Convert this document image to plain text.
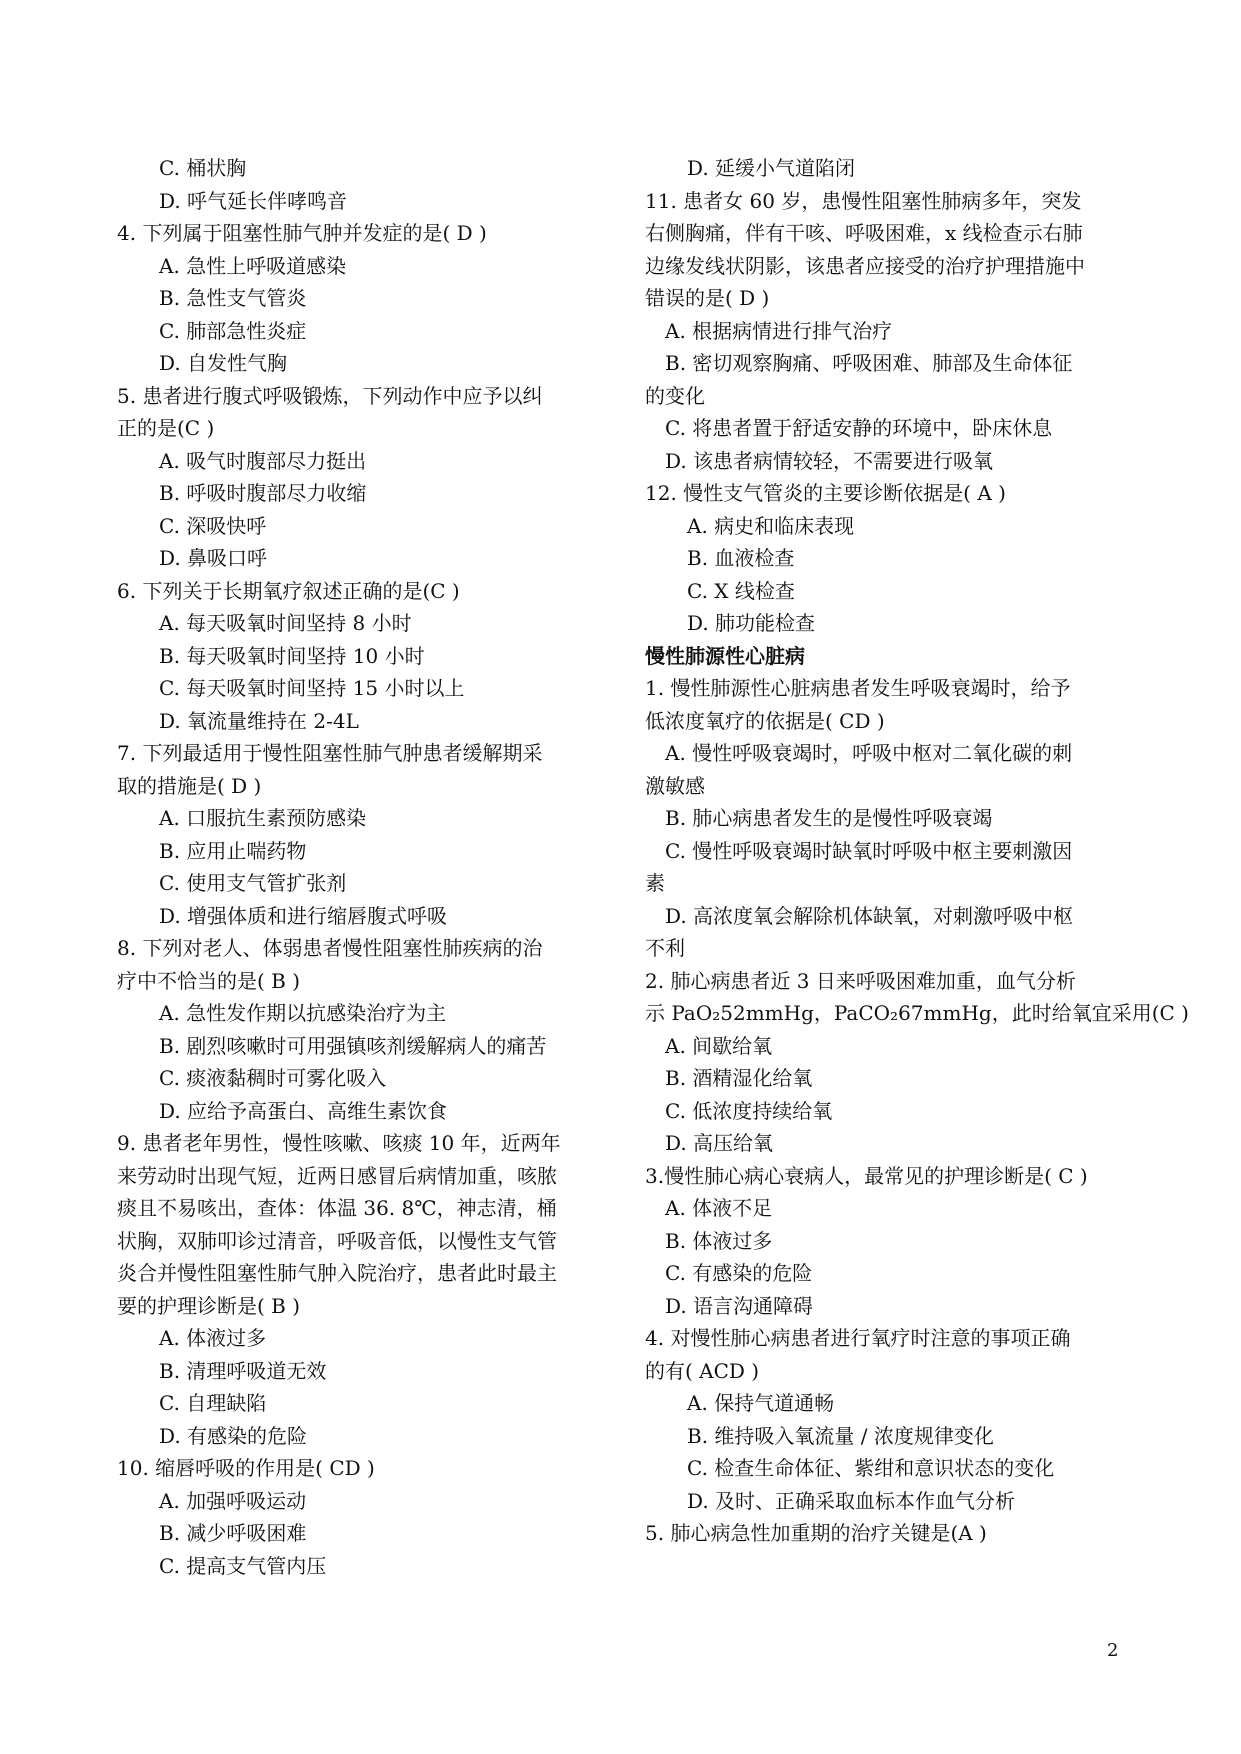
C. 桶状胸
D. 呼气延长伴哮鸣音
4. 下列属于阻塞性肺气肿并发症的是( D )
A. 急性上呼吸道感染
B. 急性支气管炎
C. 肺部急性炎症
D. 自发性气胸
5. 患者进行腹式呼吸锻炼，下列动作中应予以纠
正的是(C )
A. 吸气时腹部尽力挺出
B. 呼吸时腹部尽力收缩
C. 深吸快呼
D. 鼻吸口呼
6. 下列关于长期氧疗叙述正确的是(C )
A. 每天吸氧时间坚持 8 小时
B. 每天吸氧时间坚持 10 小时
C. 每天吸氧时间坚持 15 小时以上
D. 氧流量维持在 2-4L
7. 下列最适用于慢性阻塞性肺气肿患者缓解期采
取的措施是( D )
A. 口服抗生素预防感染
B. 应用止喘药物
C. 使用支气管扩张剂
D. 增强体质和进行缩唇腹式呼吸
8. 下列对老人、体弱患者慢性阻塞性肺疾病的治
疗中不恰当的是( B )
A. 急性发作期以抗感染治疗为主
B. 剧烈咳嗽时可用强镇咳剂缓解病人的痛苦
C. 痰液黏稠时可雾化吸入
D. 应给予高蛋白、高维生素饮食
9. 患者老年男性，慢性咳嗽、咳痰 10 年，近两年
来劳动时出现气短，近两日感冒后病情加重，咳脓
痰且不易咳出，查体：体温 36. 8℃，神志清，桶
状胸，双肺叩诊过清音，呼吸音低，以慢性支气管
炎合并慢性阻塞性肺气肿入院治疗，患者此时最主
要的护理诊断是( B )
A. 体液过多
B. 清理呼吸道无效
C. 自理缺陷
D. 有感染的危险
10. 缩唇呼吸的作用是( CD )
A. 加强呼吸运动
B. 减少呼吸困难
C. 提高支气管内压
D. 延缓小气道陷闭
11. 患者女 60 岁，患慢性阻塞性肺病多年，突发
右侧胸痛，伴有干咳、呼吸困难，x 线检查示右肺
边缘发线状阴影，该患者应接受的治疗护理措施中
错误的是( D )
A. 根据病情进行排气治疗
B. 密切观察胸痛、呼吸困难、肺部及生命体征
的变化
C. 将患者置于舒适安静的环境中，卧床休息
D. 该患者病情较轻，不需要进行吸氧
12. 慢性支气管炎的主要诊断依据是( A )
A. 病史和临床表现
B. 血液检查
C. X 线检查
D. 肺功能检查
慢性肺源性心脏病
1. 慢性肺源性心脏病患者发生呼吸衰竭时，给予
低浓度氧疗的依据是( CD )
A. 慢性呼吸衰竭时，呼吸中枢对二氧化碳的刺
激敏感
B. 肺心病患者发生的是慢性呼吸衰竭
C. 慢性呼吸衰竭时缺氧时呼吸中枢主要刺激因
素
D. 高浓度氧会解除机体缺氧，对刺激呼吸中枢
不利
2. 肺心病患者近 3 日来呼吸困难加重，血气分析
示 PaO₂52mmHg，PaCO₂67mmHg，此时给氧宜采用(C )
A. 间歇给氧
B. 酒精湿化给氧
C. 低浓度持续给氧
D. 高压给氧
3.慢性肺心病心衰病人，最常见的护理诊断是( C )
A. 体液不足
B. 体液过多
C. 有感染的危险
D. 语言沟通障碍
4. 对慢性肺心病患者进行氧疗时注意的事项正确
的有( ACD )
A. 保持气道通畅
B. 维持吸入氧流量 / 浓度规律变化
C. 检查生命体征、紫绀和意识状态的变化
D. 及时、正确采取血标本作血气分析
5. 肺心病急性加重期的治疗关键是(A )
2
